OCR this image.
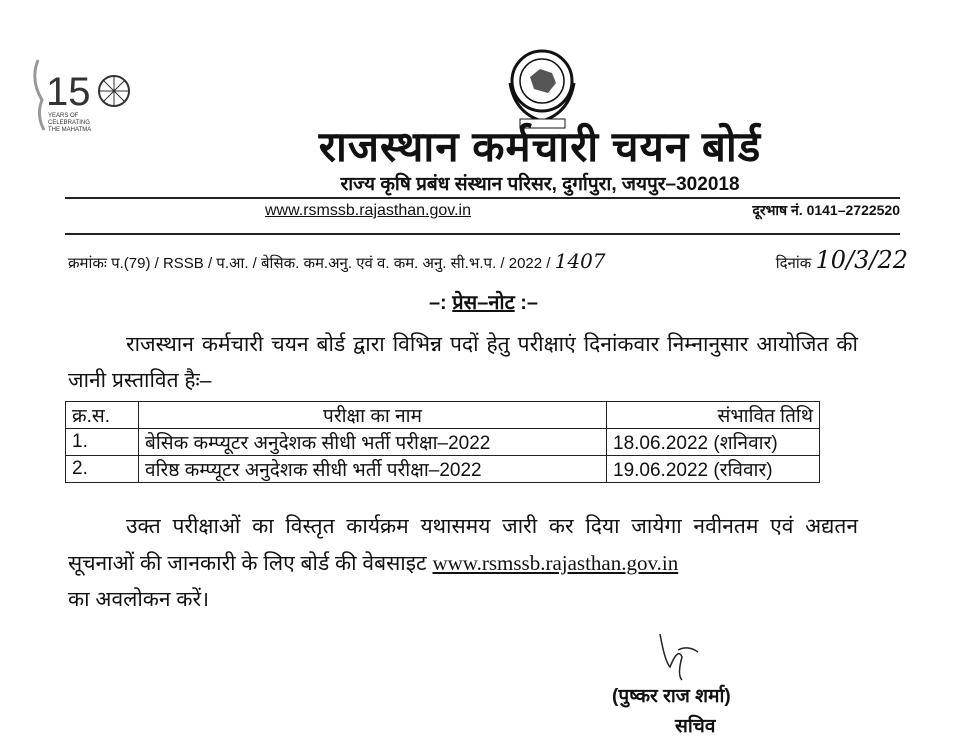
15
YEARS OF
CELEBRATING
THE MAHATMA	राजस्थान कर्मचारी चयन बोर्ड
राज्य कृषि प्रबंध संस्थान परिसर, दुर्गापुरा, जयपुर–302018
www.rsmssb.rajasthan.gov.in	दूरभाष नं. 0141–2722520
क्रमांकः प.(79) / RSSB / प.आ. / बेसिक. कम.अनु. एवं व. कम. अनु. सी.भ.प. / 2022 / 1407	दिनांक 10/3/22
–: प्रेस–नोट :–
राजस्थान कर्मचारी चयन बोर्ड द्वारा विभिन्न पदों हेतु परीक्षाएं दिनांकवार निम्नानुसार आयोजित की जानी प्रस्तावित हैः–
क्र.स.	परीक्षा का नाम	संभावित तिथि
1.	बेसिक कम्प्यूटर अनुदेशक सीधी भर्ती परीक्षा–2022	18.06.2022 (शनिवार)
2.	वरिष्ठ कम्प्यूटर अनुदेशक सीधी भर्ती परीक्षा–2022	19.06.2022 (रविवार)
उक्त परीक्षाओं का विस्तृत कार्यक्रम यथासमय जारी कर दिया जायेगा नवीनतम एवं अद्यतन सूचनाओं की जानकारी के लिए बोर्ड की वेबसाइट www.rsmssb.rajasthan.gov.in
का अवलोकन करें।
(पुष्कर राज शर्मा)
सचिव
